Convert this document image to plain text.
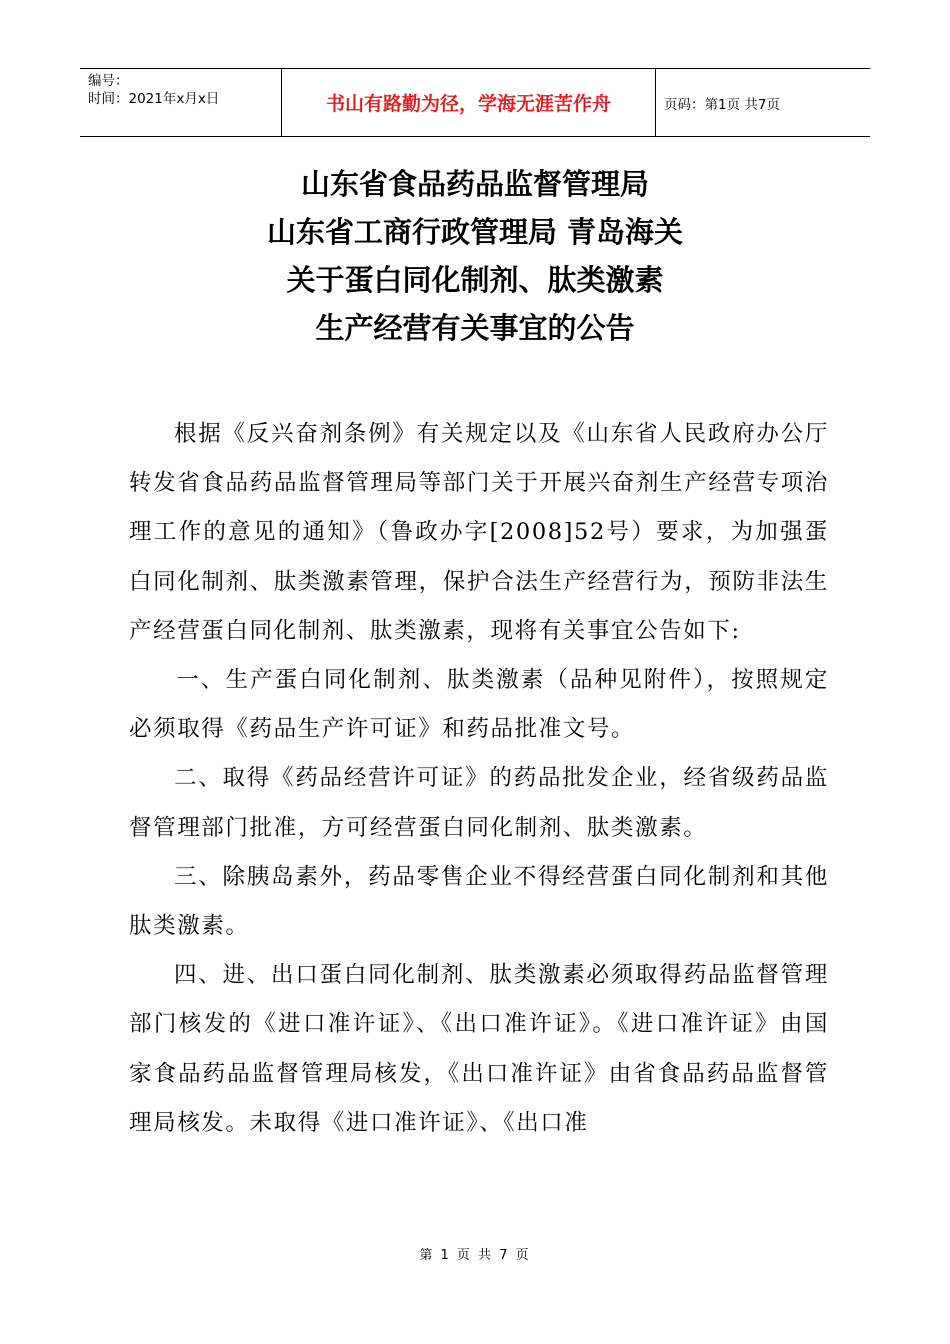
编号：
时间：2021年x月x日	书山有路勤为径，学海无涯苦作舟	页码：第1页 共7页
山东省食品药品监督管理局
山东省工商行政管理局 青岛海关
关于蛋白同化制剂、肽类激素
生产经营有关事宜的公告

根据《反兴奋剂条例》有关规定以及《山东省人民政府办公厅转发省食品药品监督管理局等部门关于开展兴奋剂生产经营专项治理工作的意见的通知》（鲁政办字[2008]52号）要求，为加强蛋白同化制剂、肽类激素管理，保护合法生产经营行为，预防非法生产经营蛋白同化制剂、肽类激素，现将有关事宜公告如下:

一、生产蛋白同化制剂、肽类激素（品种见附件），按照规定必须取得《药品生产许可证》和药品批准文号。

二、取得《药品经营许可证》的药品批发企业，经省级药品监督管理部门批准，方可经营蛋白同化制剂、肽类激素。

三、除胰岛素外，药品零售企业不得经营蛋白同化制剂和其他肽类激素。

四、进、出口蛋白同化制剂、肽类激素必须取得药品监督管理部门核发的《进口准许证》、《出口准许证》。《进口准许证》由国家食品药品监督管理局核发，《出口准许证》由省食品药品监督管理局核发。未取得《进口准许证》、《出口准

第 1 页 共 7 页
